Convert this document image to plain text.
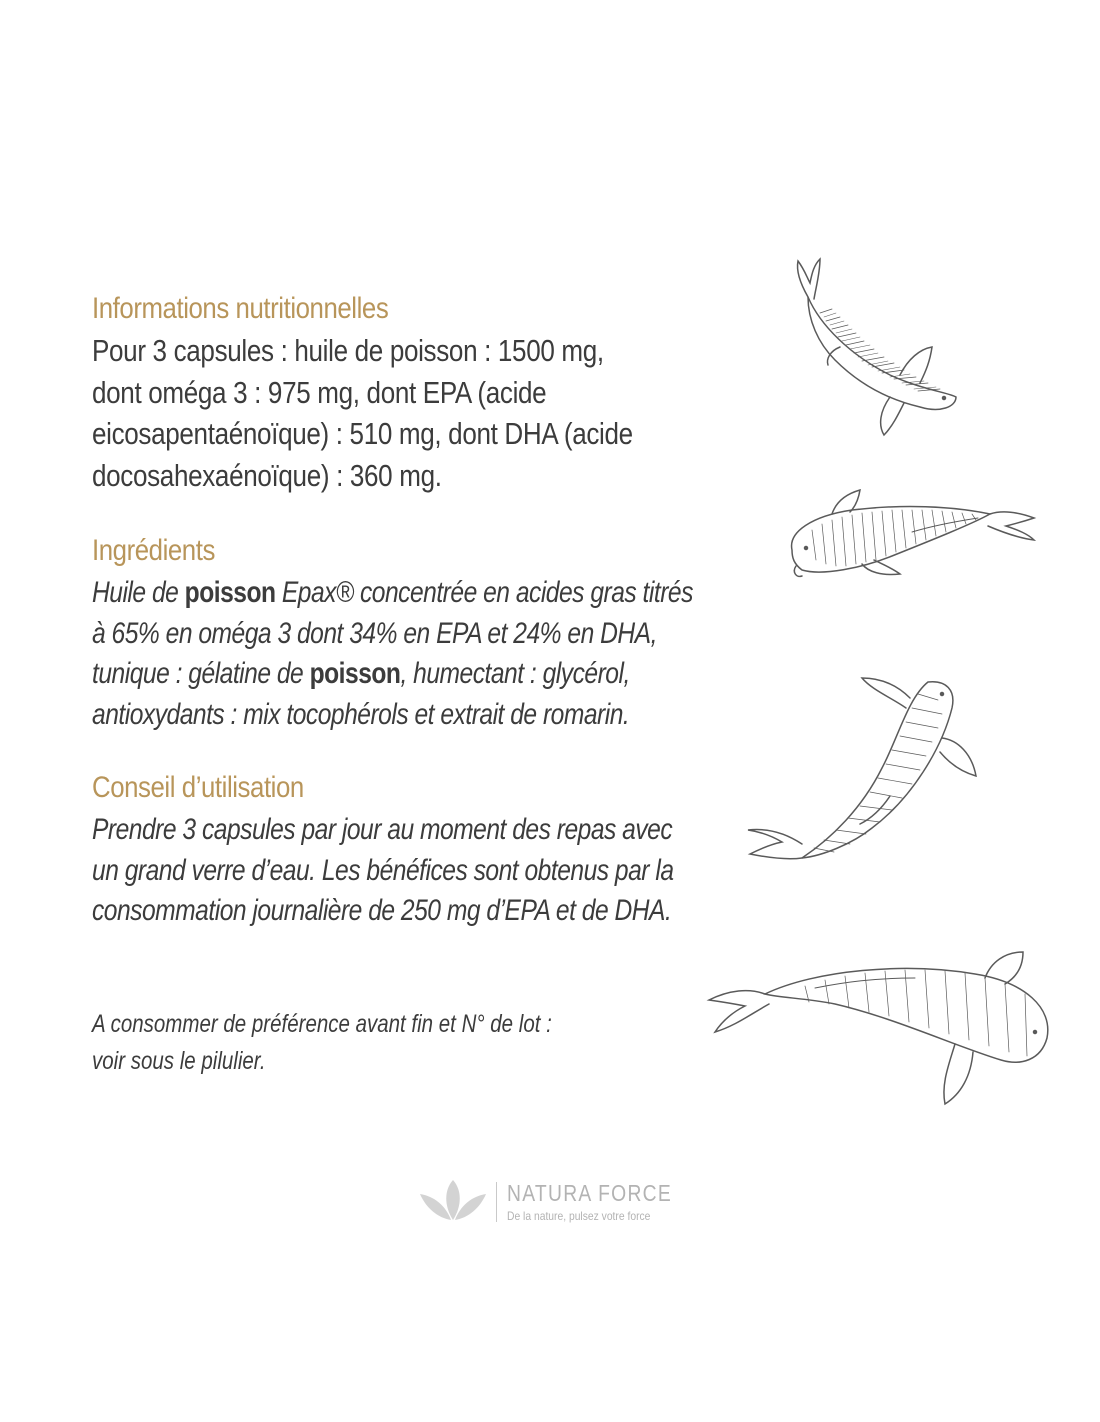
Informations nutritionnelles
Pour 3 capsules : huile de poisson : 1500 mg,
dont oméga 3 : 975 mg, dont EPA (acide
eicosapentaénoïque) : 510 mg, dont DHA (acide
docosahexaénoïque) : 360 mg.
Ingrédients
Huile de poisson Epax® concentrée en acides gras titrés
à 65% en oméga 3 dont 34% en EPA et 24% en DHA,
tunique : gélatine de poisson, humectant : glycérol,
antioxydants : mix tocophérols et extrait de romarin.
Conseil d’utilisation
Prendre 3 capsules par jour au moment des repas avec
un grand verre d’eau. Les bénéfices sont obtenus par la
consommation journalière de 250 mg d’EPA et de DHA.
A consommer de préférence avant fin et N° de lot :
voir sous le pilulier.
NATURA FORCE
De la nature, pulsez votre force
